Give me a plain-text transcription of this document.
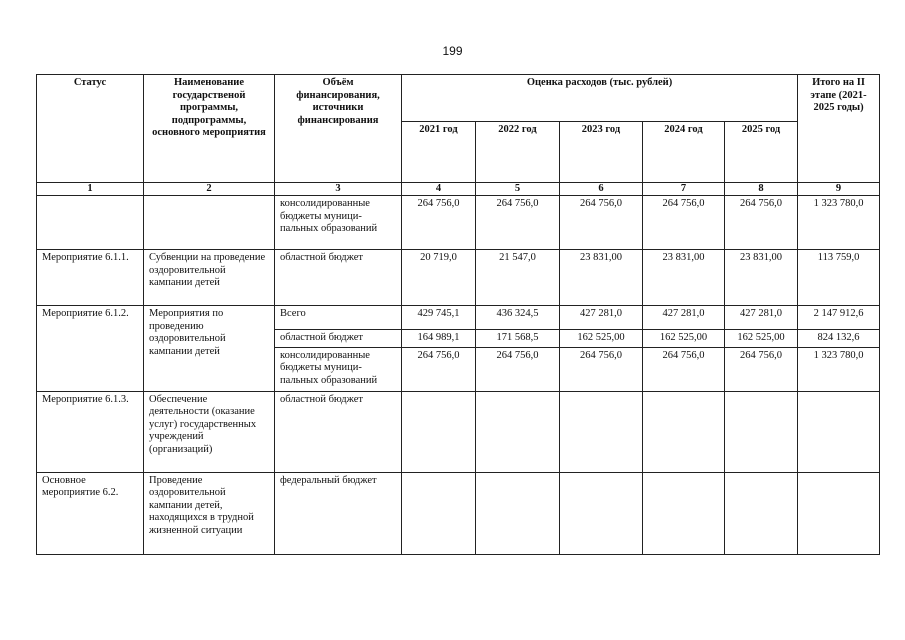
199
Статус	Наименование государственой программы, подпрограммы, основного мероприятия	Объём финансирования, источники финансирования	Оценка расходов (тыс. рублей)					Итого на II этапе (2021-2025 годы)
			2021 год	2022 год	2023 год	2024 год	2025 год	
1	2	3	4	5	6	7	8	9
		консолидированные бюджеты муници-пальных образований	264 756,0	264 756,0	264 756,0	264 756,0	264 756,0	1 323 780,0
Мероприятие 6.1.1.	Субвенции на проведение оздоровительной кампании детей	областной бюджет	20 719,0	21 547,0	23 831,00	23 831,00	23 831,00	113 759,0
Мероприятие 6.1.2.	Мероприятия по проведению оздоровительной кампании детей	Всего	429 745,1	436 324,5	427 281,0	427 281,0	427 281,0	2 147 912,6
		областной бюджет	164 989,1	171 568,5	162 525,00	162 525,00	162 525,00	824 132,6
		консолидированные бюджеты муници-пальных образований	264 756,0	264 756,0	264 756,0	264 756,0	264 756,0	1 323 780,0
Мероприятие 6.1.3.	Обеспечение деятельности (оказание услуг) государственных учреждений (организаций)	областной бюджет						
Основное мероприятие 6.2.	Проведение оздоровительной кампании детей, находящихся в трудной жизненной ситуации	федеральный бюджет						
